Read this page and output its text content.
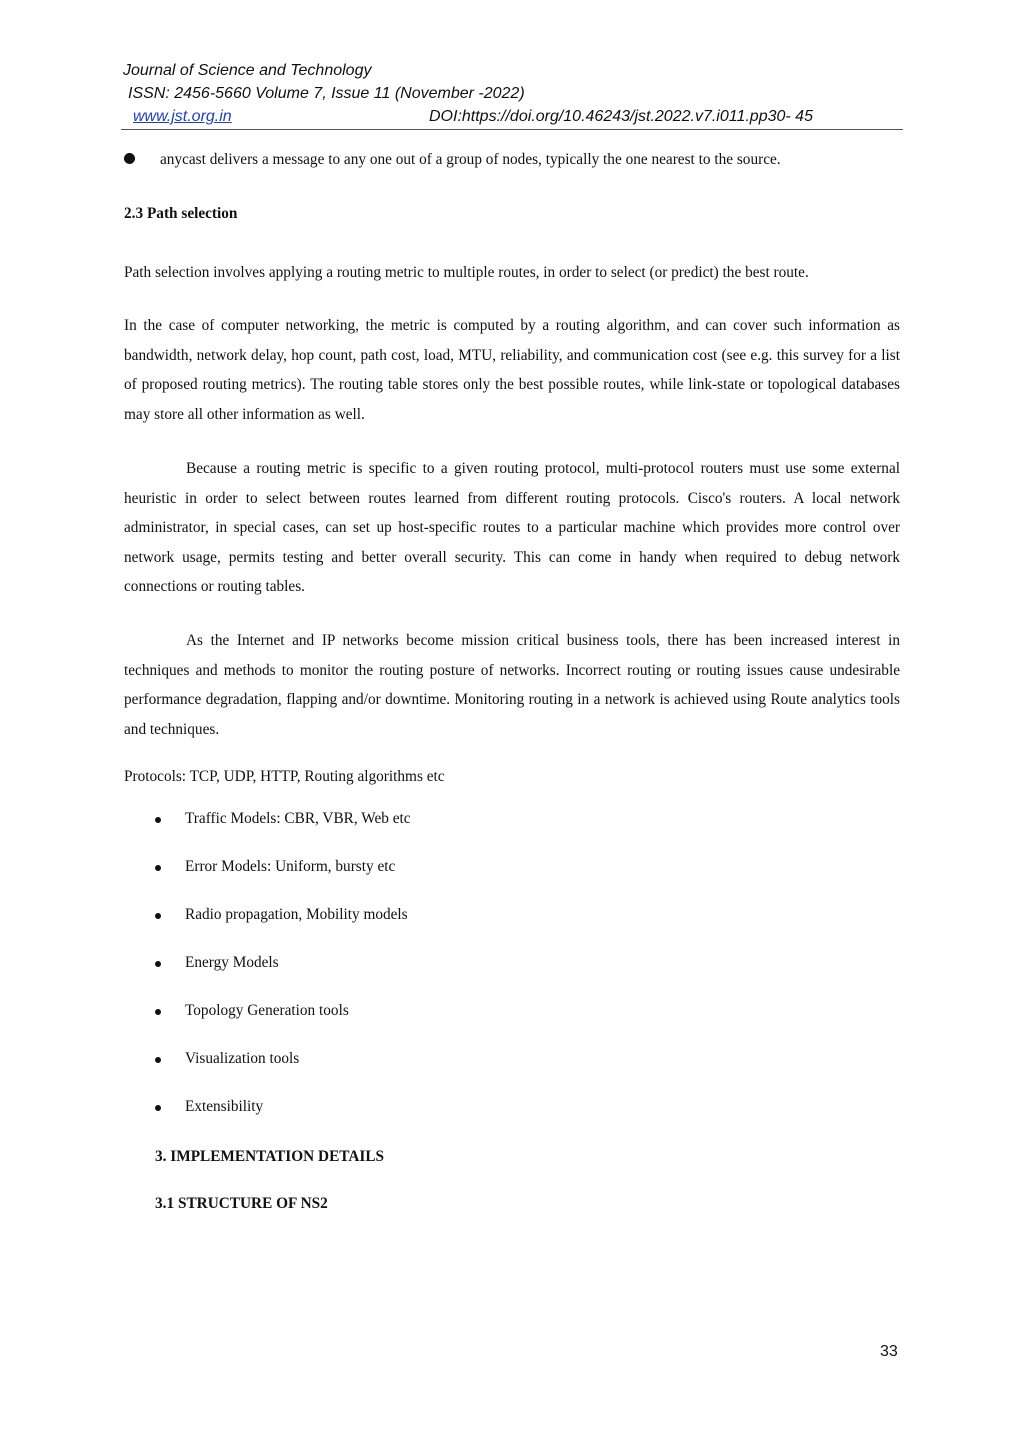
Journal of Science and Technology
ISSN: 2456-5660 Volume 7, Issue 11 (November -2022)
www.jst.org.in	DOI:https://doi.org/10.46243/jst.2022.v7.i011.pp30- 45
anycast delivers a message to any one out of a group of nodes, typically the one nearest to the source.
2.3 Path selection
Path selection involves applying a routing metric to multiple routes, in order to select (or predict) the best route.
In the case of computer networking, the metric is computed by a routing algorithm, and can cover such information as bandwidth, network delay, hop count, path cost, load, MTU, reliability, and communication cost (see e.g. this survey for a list of proposed routing metrics). The routing table stores only the best possible routes, while link-state or topological databases may store all other information as well.
Because a routing metric is specific to a given routing protocol, multi-protocol routers must use some external heuristic in order to select between routes learned from different routing protocols. Cisco's routers. A local network administrator, in special cases, can set up host-specific routes to a particular machine which provides more control over network usage, permits testing and better overall security. This can come in handy when required to debug network connections or routing tables.
As the Internet and IP networks become mission critical business tools, there has been increased interest in techniques and methods to monitor the routing posture of networks. Incorrect routing or routing issues cause undesirable performance degradation, flapping and/or downtime. Monitoring routing in a network is achieved using Route analytics tools and techniques.
Protocols: TCP, UDP, HTTP, Routing algorithms etc
Traffic Models: CBR, VBR, Web etc
Error Models: Uniform, bursty etc
Radio propagation, Mobility models
Energy Models
Topology Generation tools
Visualization tools
Extensibility
3. IMPLEMENTATION DETAILS
3.1 STRUCTURE OF NS2
33
